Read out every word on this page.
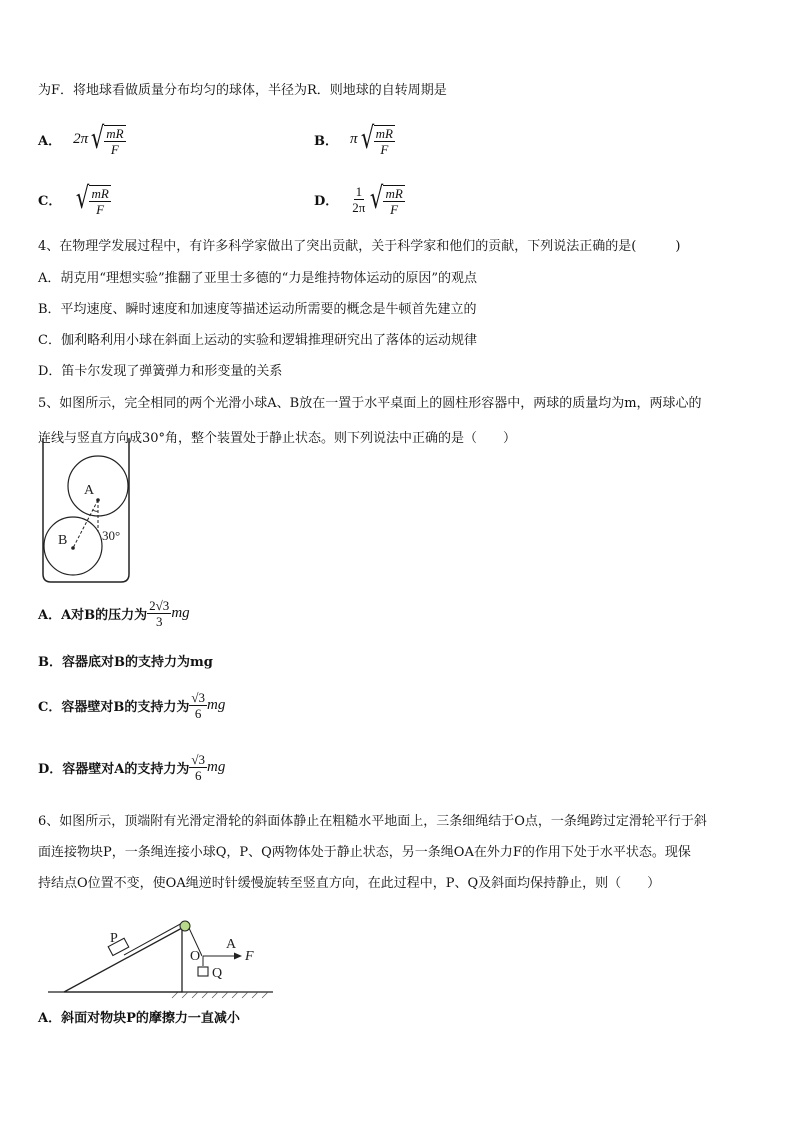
为F．将地球看做质量分布均匀的球体，半径为R．则地球的自转周期是
A． 2π √ $\frac{mR}{F}$	B． π √ $\frac{mR}{F}$
C． √ $\frac{mR}{F}$	D． $\frac{1}{2\pi}$ √ $\frac{mR}{F}$
4、在物理学发展过程中，有许多科学家做出了突出贡献，关于科学家和他们的贡献，下列说法正确的是(　　　)
A．胡克用“理想实验”推翻了亚里士多德的“力是维持物体运动的原因”的观点
B．平均速度、瞬时速度和加速度等描述运动所需要的概念是牛顿首先建立的
C．伽利略利用小球在斜面上运动的实验和逻辑推理研究出了落体的运动规律
D．笛卡尔发现了弹簧弹力和形变量的关系
5、如图所示，完全相同的两个光滑小球A、B放在一置于水平桌面上的圆柱形容器中，两球的质量均为m，两球心的
连线与竖直方向成30°角，整个装置处于静止状态。则下列说法中正确的是（　　）
A
B	30°
A．A对B的压力为 $\frac{2√3}{3}$ mg
B．容器底对B的支持力为mg
C．容器壁对B的支持力为 $\frac{√3}{6}$ mg
D．容器壁对A的支持力为 $\frac{√3}{6}$ mg
6、如图所示，顶端附有光滑定滑轮的斜面体静止在粗糙水平地面上，三条细绳结于O点，一条绳跨过定滑轮平行于斜
面连接物块P，一条绳连接小球Q，P、Q两物体处于静止状态，另一条绳OA在外力F的作用下处于水平状态。现保
持结点O位置不变，使OA绳逆时针缓慢旋转至竖直方向，在此过程中，P、Q及斜面均保持静止，则（　　）
P
O
A
F
Q
A．斜面对物块P的摩擦力一直减小
